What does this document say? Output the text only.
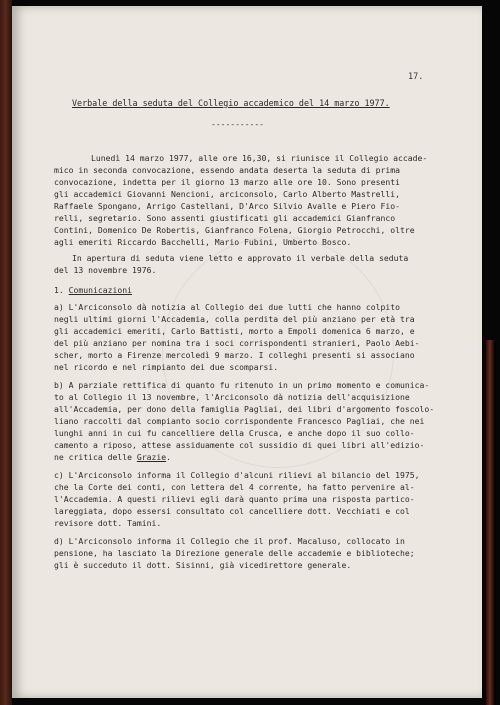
17.
Verbale della seduta del Collegio accademico del 14 marzo 1977.
-----------
Lunedì 14 marzo 1977, alle ore 16,30, si riunisce il Collegio accade-
mico in seconda convocazione, essendo andata deserta la seduta di prima
convocazione, indetta per il giorno 13 marzo alle ore 10. Sono presenti
gli accademici Giovanni Nencioni, arciconsolo, Carlo Alberto Mastrelli,
Raffaele Spongano, Arrigo Castellani, D'Arco Silvio Avalle e Piero Fio-
relli, segretario. Sono assenti giustificati gli accademici Gianfranco
Contini, Domenico De Robertis, Gianfranco Folena, Giorgio Petrocchi, oltre
agli emeriti Riccardo Bacchelli, Mario Fubini, Umberto Bosco.
In apertura di seduta viene letto e approvato il verbale della seduta
del 13 novembre 1976.
1. Comunicazioni
a) L'Arciconsolo dà notizia al Collegio dei due lutti che hanno colpito
negli ultimi giorni l'Accademia, colla perdita del più anziano per età tra
gli accademici emeriti, Carlo Battisti, morto a Empoli domenica 6 marzo, e
del più anziano per nomina tra i soci corrispondenti stranieri, Paolo Aebi-
scher, morto a Firenze mercoledì 9 marzo. I colleghi presenti si associano
nel ricordo e nel rimpianto dei due scomparsi.
b) A parziale rettifica di quanto fu ritenuto in un primo momento e comunica-
to al Collegio il 13 novembre, l'Arciconsolo dà notizia dell'acquisizione
all'Accademia, per dono della famiglia Pagliai, dei libri d'argomento foscolo-
liano raccolti dal compianto socio corrispondente Francesco Pagliai, che nei
lunghi anni in cui fu cancelliere della Crusca, e anche dopo il suo collo-
camento a riposo, attese assiduamente col sussidio di quei libri all'ediziо-
ne critica delle Grazie.
c) L'Arciconsolo informa il Collegio d'alcuni rilievi al bilancio del 1975,
che la Corte dei conti, con lettera del 4 corrente, ha fatto pervenire al-
l'Accademia. A questi rilievi egli darà quanto prima una risposta partico-
lareggiata, dopo essersi consultato col cancelliere dott. Vecchiati e col
revisore dott. Tamini.
d) L'Arciconsolo informa il Collegio che il prof. Macaluso, collocato in
pensione, ha lasciato la Direzione generale delle accademie e biblioteche;
gli è succeduto il dott. Sisinni, già vicedirettore generale.
